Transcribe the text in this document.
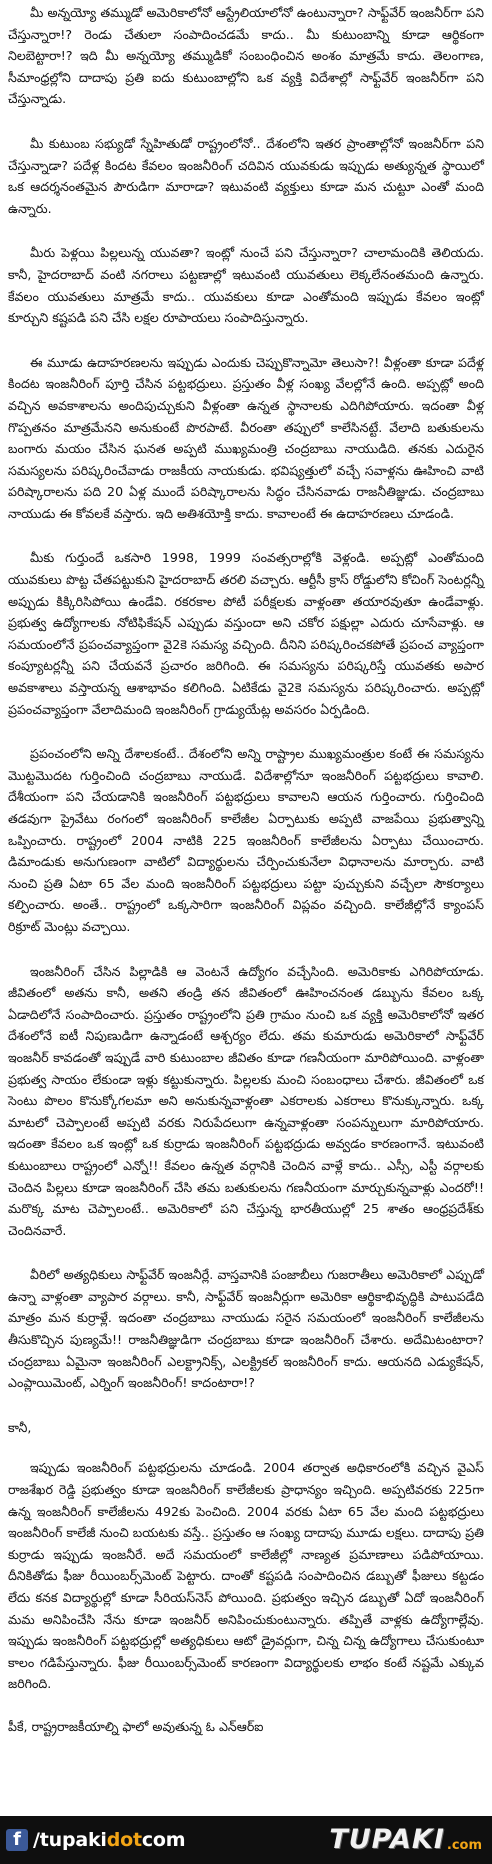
మీ అన్నయ్యో తమ్ముడో అమెరికాలోనో ఆస్ట్రేలియాలోనో ఉంటున్నారా? సాఫ్ట్‌వేర్ ఇంజనీర్‌గా పని చేస్తున్నారా!? రెండు చేతులా సంపాదించడమే కాదు.. మీ కుటుంబాన్ని కూడా ఆర్థికంగా నిలబెట్టారా!? ఇది మీ అన్నయ్యో తమ్ముడికో సంబంధించిన అంశం మాత్రమే కాదు. తెలంగాణ, సీమాంధ్రల్లోని దాదాపు ప్రతి ఐదు కుటుంబాల్లోని ఒక వ్యక్తి విదేశాల్లో సాఫ్ట్‌వేర్ ఇంజనీర్‌గా పని చేస్తున్నాడు.

మీ కుటుంబ సభ్యుడో స్నేహితుడో రాష్ట్రంలోనో.. దేశంలోని ఇతర ప్రాంతాల్లోనో ఇంజనీర్‌గా పని చేస్తున్నాడా? పదేళ్ల కిందట కేవలం ఇంజనీరింగ్ చదివిన యువకుడు ఇప్పుడు అత్యున్నత స్థాయిలో ఒక ఆదర్శనంతమైన పౌరుడిగా మారాడా? ఇటువంటి వ్యక్తులు కూడా మన చుట్టూ ఎంతో మంది ఉన్నారు.

మీరు పెళ్లయి పిల్లలున్న యువతా? ఇంట్లో నుంచే పని చేస్తున్నారా? చాలామందికి తెలియదు. కానీ, హైదరాబాద్ వంటి నగరాలు పట్టణాల్లో ఇటువంటి యువతులు లెక్కలేనంతమంది ఉన్నారు. కేవలం యువతులు మాత్రమే కాదు.. యువకులు కూడా ఎంతోమంది ఇప్పుడు కేవలం ఇంట్లో కూర్చుని కష్టపడి పని చేసి లక్షల రూపాయలు సంపాదిస్తున్నారు.

ఈ మూడు ఉదాహరణలను ఇప్పుడు ఎందుకు చెప్పుకొన్నామో తెలుసా?! వీళ్లంతా కూడా పదేళ్ల కిందట ఇంజనీరింగ్ పూర్తి చేసిన పట్టభద్రులు. ప్రస్తుతం వీళ్ల సంఖ్య వేలల్లోనే ఉంది. అప్పట్లో అంది వచ్చిన అవకాశాలను అందిపుచ్చుకుని వీళ్లంతా ఉన్నత స్థానాలకు ఎదిగిపోయారు. ఇదంతా వీళ్ల గొప్పతనం మాత్రమేనని అనుకుంటే పొరపాటే. వీరంతా తప్పులో కాలేసినట్టే. వేలాది బతుకులను బంగారు మయం చేసిన ఘనత అప్పటి ముఖ్యమంత్రి చంద్రబాబు నాయుడిది. తనకు ఎదురైన సమస్యలను పరిష్కరించేవాడు రాజకీయ నాయకుడు. భవిష్యత్తులో వచ్చే సవాళ్లను ఊహించి వాటి పరిష్కారాలను పది 20 ఏళ్ల ముందే పరిష్కారాలను సిద్ధం చేసినవాడు రాజనీతిజ్ఞుడు. చంద్రబాబు నాయుడు ఈ కోవలకే వస్తారు. ఇది అతిశయోక్తి కాదు. కావాలంటే ఈ ఉదాహరణలు చూడండి.

మీకు గుర్తుందే ఒకసారి 1998, 1999 సంవత్సరాల్లోకి వెళ్లండి. అప్పట్లో ఎంతోమంది యువకులు పొట్ట చేతపట్టుకుని హైదరాబాద్ తరలి వచ్చారు. ఆర్టీసీ క్రాస్ రోడ్డులోని కోచింగ్ సెంటర్లన్నీ అప్పుడు కిక్కిరిసిపోయి ఉండేవి. రకరకాల పోటీ పరీక్షలకు వాళ్లంతా తయారవుతూ ఉండేవాళ్లు. ప్రభుత్వ ఉద్యోగాలకు నోటిఫికేషన్ ఎప్పుడు వస్తుందా అని చకోర పక్షుల్లా ఎదురు చూసేవాళ్లు. ఆ సమయంలోనే ప్రపంచవ్యాప్తంగా వై2కె సమస్య వచ్చింది. దీనిని పరిష్కరించకపోతే ప్రపంచ వ్యాప్తంగా కంప్యూటర్లన్నీ పని చేయవనే ప్రచారం జరిగింది. ఈ సమస్యను పరిష్కరిస్తే యువతకు అపార అవకాశాలు వస్తాయన్న ఆశాభావం కలిగింది. ఏటికేడు వై2కె సమస్యను పరిష్కరించారు. అప్పట్లో ప్రపంచవ్యాప్తంగా వేలాదిమంది ఇంజనీరింగ్ గ్రాడ్యుయేట్ల అవసరం ఏర్పడింది.

ప్రపంచంలోని అన్ని దేశాలకంటే.. దేశంలోని అన్ని రాష్ట్రాల ముఖ్యమంత్రుల కంటే ఈ సమస్యను మొట్టమొదట గుర్తించింది చంద్రబాబు నాయుడే. విదేశాల్లోనూ ఇంజనీరింగ్ పట్టభద్రులు కావాలి. దేశీయంగా పని చేయడానికి ఇంజనీరింగ్ పట్టభద్రులు కావాలని ఆయన గుర్తించారు. గుర్తించింది తడవుగా ప్రైవేటు రంగంలో ఇంజనీరింగ్ కాలేజీల ఏర్పాటుకు అప్పటి వాజపేయి ప్రభుత్వాన్ని ఒప్పించారు. రాష్ట్రంలో 2004 నాటికి 225 ఇంజనీరింగ్ కాలేజీలను ఏర్పాటు చేయించారు. డిమాండుకు అనుగుణంగా వాటిలో విద్యార్థులను చేర్పించుకునేలా విధానాలను మార్చారు. వాటి నుంచి ప్రతి ఏటా 65 వేల మంది ఇంజనీరింగ్ పట్టభద్రులు పట్టా పుచ్చుకుని వచ్చేలా సౌకర్యాలు కల్పించారు. అంతే.. రాష్ట్రంలో ఒక్కసారిగా ఇంజనీరింగ్ విప్లవం వచ్చింది. కాలేజీల్లోనే క్యాంపస్ రిక్రూట్ మెంట్లు వచ్చాయి.

ఇంజనీరింగ్ చేసిన పిల్లాడికి ఆ వెంటనే ఉద్యోగం వచ్చేసింది. అమెరికాకు ఎగిరిపోయాడు. జీవితంలో అతను కానీ, అతని తండ్రి తన జీవితంలో ఊహించనంత డబ్బును కేవలం ఒక్క ఏడాదిలోనే సంపాదించారు. ప్రస్తుతం రాష్ట్రంలోని ప్రతి గ్రామం నుంచి ఒక వ్యక్తి అమెరికాలోనో ఇతర దేశంలోనే ఐటీ నిపుణుడిగా ఉన్నాడంటే ఆశ్చర్యం లేదు. తమ కుమారుడు అమెరికాలో సాఫ్ట్‌వేర్ ఇంజనీర్ కావడంతో ఇప్పుడే వారి కుటుంబాల జీవితం కూడా గణనీయంగా మారిపోయింది. వాళ్లంతా ప్రభుత్వ సాయం లేకుండా ఇళ్లు కట్టుకున్నారు. పిల్లలకు మంచి సంబంధాలు చేశారు. జీవితంలో ఒక సెంటు పొలం కొనుక్కోగలమా అని అనుకున్నవాళ్లంతా ఎకరాలకు ఎకరాలు కొనుక్కున్నారు. ఒక్క మాటలో చెప్పాలంటే అప్పటి వరకు నిరుపేదలుగా ఉన్నవాళ్లంతా సంపన్నులుగా మారిపోయారు. ఇదంతా కేవలం ఒక ఇంట్లో ఒక కుర్రాడు ఇంజనీరింగ్ పట్టభద్రుడు అవ్వడం కారణంగానే. ఇటువంటి కుటుంబాలు రాష్ట్రంలో ఎన్నో!! కేవలం ఉన్నత వర్గానికి చెందిన వాళ్లే కాదు.. ఎస్సీ, ఎస్టీ వర్గాలకు చెందిన పిల్లలు కూడా ఇంజనీరింగ్ చేసి తమ బతుకులను గణనీయంగా మార్చుకున్నవాళ్లు ఎందరో!! మరొక్క మాట చెప్పాలంటే.. అమెరికాలో పని చేస్తున్న భారతీయుల్లో 25 శాతం ఆంధ్రప్రదేశ్‌కు చెందినవారే.

వీరిలో అత్యధికులు సాఫ్ట్‌వేర్ ఇంజనీర్లే. వాస్తవానికి పంజాబీలు గుజరాతీలు అమెరికాలో ఎప్పుడో ఉన్నా వాళ్లంతా వ్యాపార వర్గాలు. కానీ, సాఫ్ట్‌వేర్ ఇంజనీర్లుగా అమెరికా ఆర్థికాభివృద్ధికి పాటుపడేది మాత్రం మన కుర్రాళ్లే. ఇదంతా చంద్రబాబు నాయుడు సరైన సమయంలో ఇంజనీరింగ్ కాలేజీలను తీసుకొచ్చిన పుణ్యమే!! రాజనీతిజ్ఞుడిగా చంద్రబాబు కూడా ఇంజనీరింగ్ చేశారు. అదేమిటంటారా? చంద్రబాబు ఏమైనా ఇంజనీరింగ్ ఎలక్ట్రానిక్స్, ఎలక్ట్రికల్ ఇంజనీరింగ్ కాదు. ఆయనది ఎడ్యుకేషన్, ఎంప్లాయిమెంట్, ఎర్నింగ్ ఇంజనీరింగ్! కాదంటారా!?

కానీ,

ఇప్పుడు ఇంజనీరింగ్ పట్టభద్రులను చూడండి. 2004 తర్వాత అధికారంలోకి వచ్చిన వైఎస్ రాజశేఖర రెడ్డి ప్రభుత్వం కూడా ఇంజనీరింగ్ కాలేజీలకు ప్రాధాన్యం ఇచ్చింది. అప్పటివరకు 225గా ఉన్న ఇంజనీరింగ్ కాలేజీలను 492కు పెంచింది. 2004 వరకు ఏటా 65 వేల మంది పట్టభద్రులు ఇంజనీరింగ్ కాలేజీ నుంచి బయటకు వస్తే.. ప్రస్తుతం ఆ సంఖ్య దాదాపు మూడు లక్షలు. దాదాపు ప్రతి కుర్రాడు ఇప్పుడు ఇంజనీరే. అదే సమయంలో కాలేజీల్లో నాణ్యత ప్రమాణాలు పడిపోయాయి. దీనికితోడు ఫీజు రీయింబర్స్‌మెంట్ పెట్టారు. దాంతో కష్టపడి సంపాదించిన డబ్బుతో ఫీజులు కట్టడం లేదు కనక విద్యార్థుల్లో కూడా సీరియస్‌నెస్ పోయింది. ప్రభుత్వం ఇచ్చిన డబ్బుతో ఏదో ఇంజనీరింగ్ మమ అనిపించేసి నేను కూడా ఇంజనీర్ అనిపించుకుంటున్నారు. తప్పితే వాళ్లకు ఉద్యోగాల్లేవు. ఇప్పుడు ఇంజనీరింగ్ పట్టభద్రుల్లో అత్యధికులు ఆటో డ్రైవర్లుగా, చిన్న చిన్న ఉద్యోగాలు చేసుకుంటూ కాలం గడిపేస్తున్నారు. ఫీజు రీయింబర్స్‌మెంట్ కారణంగా విద్యార్థులకు లాభం కంటే నష్టమే ఎక్కువ జరిగింది.

పీకే, రాష్ట్రరాజకీయాల్ని ఫాలో అవుతున్న ఓ ఎన్ఆర్ఐ
f /tupakidotcom	TUPAKI .com
